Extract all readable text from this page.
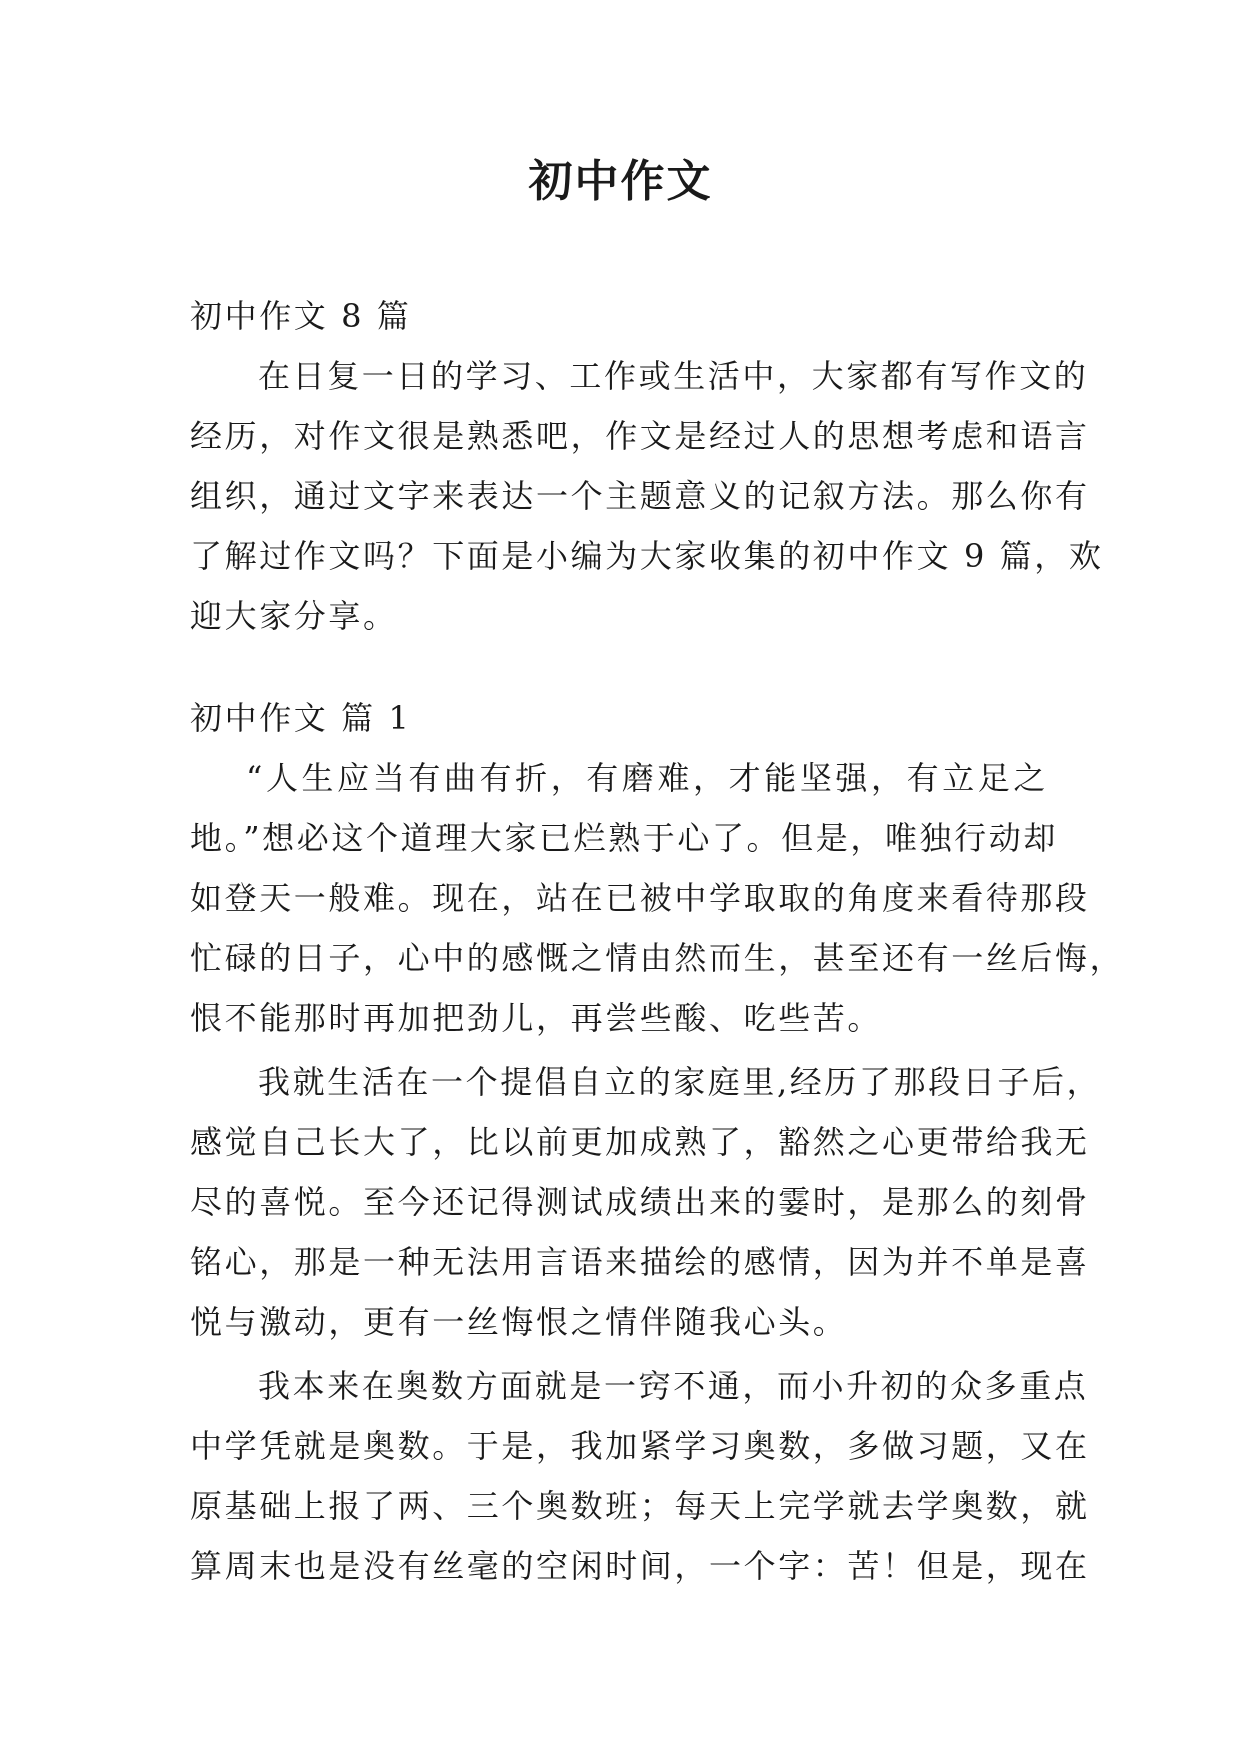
初中作文
初中作文 8 篇
在日复一日的学习、工作或生活中，大家都有写作文的
经历，对作文很是熟悉吧，作文是经过人的思想考虑和语言
组织，通过文字来表达一个主题意义的记叙方法。那么你有
了解过作文吗？下面是小编为大家收集的初中作文 9 篇，欢
迎大家分享。
初中作文 篇 1
“人生应当有曲有折，有磨难，才能坚强，有立足之
地。”想必这个道理大家已烂熟于心了。但是，唯独行动却
如登天一般难。现在，站在已被中学取取的角度来看待那段
忙碌的日子，心中的感慨之情由然而生，甚至还有一丝后悔，
恨不能那时再加把劲儿，再尝些酸、吃些苦。
我就生活在一个提倡自立的家庭里,经历了那段日子后，
感觉自己长大了，比以前更加成熟了，豁然之心更带给我无
尽的喜悦。至今还记得测试成绩出来的霎时，是那么的刻骨
铭心，那是一种无法用言语来描绘的感情，因为并不单是喜
悦与激动，更有一丝悔恨之情伴随我心头。
我本来在奥数方面就是一窍不通，而小升初的众多重点
中学凭就是奥数。于是，我加紧学习奥数，多做习题，又在
原基础上报了两、三个奥数班；每天上完学就去学奥数，就
算周末也是没有丝毫的空闲时间，一个字：苦！但是，现在
